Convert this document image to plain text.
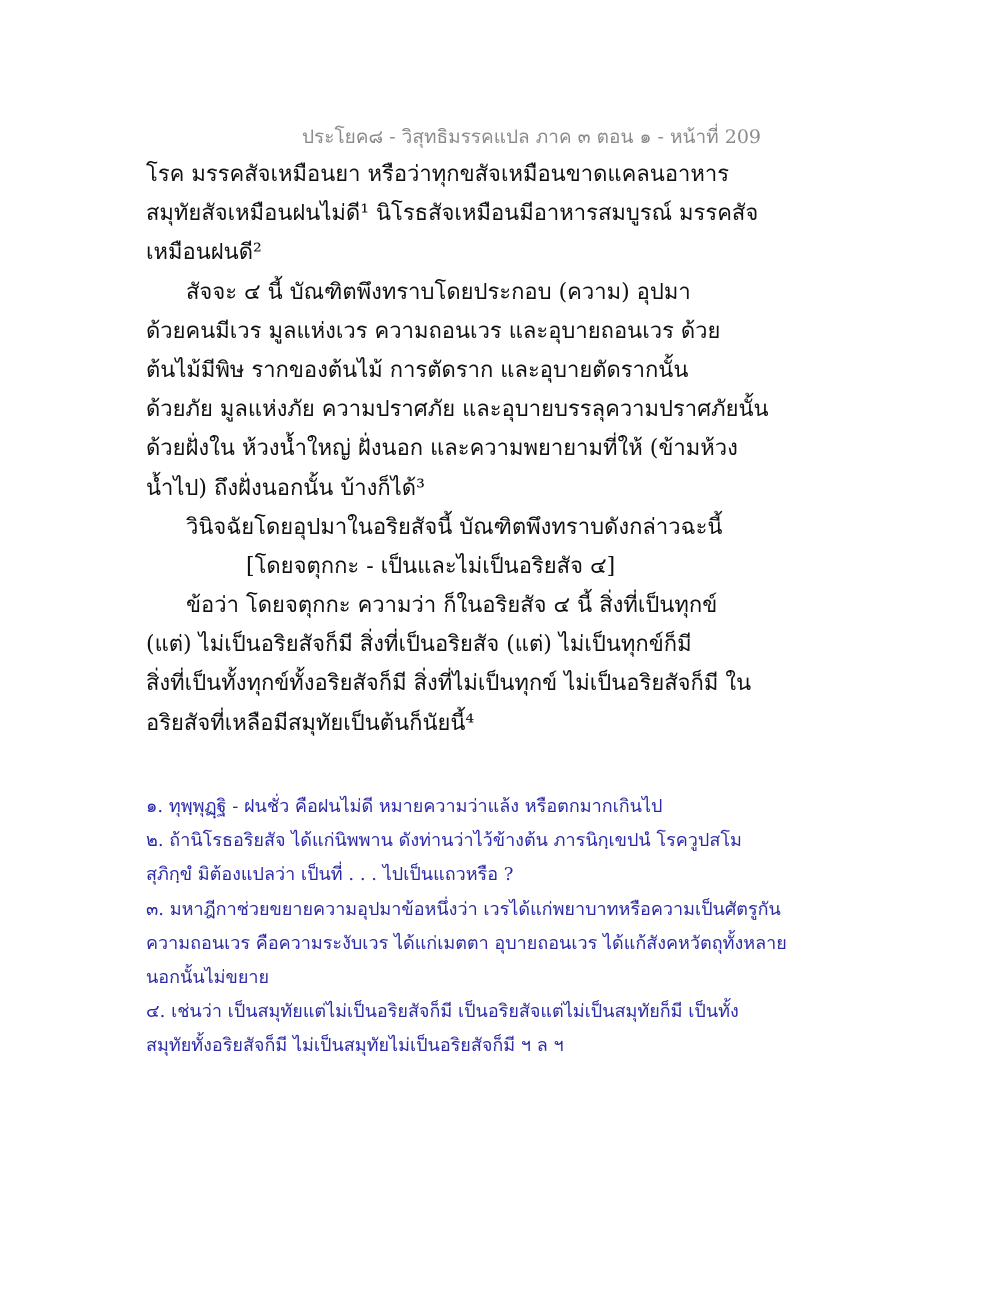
ประโยค๘ - วิสุทธิมรรคแปล ภาค ๓ ตอน ๑ - หน้าที่ 209
โรค มรรคสัจเหมือนยา หรือว่าทุกขสัจเหมือนขาดแคลนอาหาร
สมุทัยสัจเหมือนฝนไม่ดี¹ นิโรธสัจเหมือนมีอาหารสมบูรณ์ มรรคสัจ
เหมือนฝนดี²
สัจจะ ๔ นี้ บัณฑิตพึงทราบโดยประกอบ (ความ) อุปมา
ด้วยคนมีเวร มูลแห่งเวร ความถอนเวร และอุบายถอนเวร ด้วย
ต้นไม้มีพิษ รากของต้นไม้ การตัดราก และอุบายตัดรากนั้น
ด้วยภัย มูลแห่งภัย ความปราศภัย และอุบายบรรลุความปราศภัยนั้น
ด้วยฝั่งใน ห้วงน้ำใหญ่ ฝั่งนอก และความพยายามที่ให้ (ข้ามห้วง
น้ำไป) ถึงฝั่งนอกนั้น บ้างก็ได้³
วินิจฉัยโดยอุปมาในอริยสัจนี้ บัณฑิตพึงทราบดังกล่าวฉะนี้
[โดยจตุกกะ - เป็นและไม่เป็นอริยสัจ ๔]
ข้อว่า โดยจตุกกะ ความว่า ก็ในอริยสัจ ๔ นี้ สิ่งที่เป็นทุกข์
(แต่) ไม่เป็นอริยสัจก็มี สิ่งที่เป็นอริยสัจ (แต่) ไม่เป็นทุกข์ก็มี
สิ่งที่เป็นทั้งทุกข์ทั้งอริยสัจก็มี สิ่งที่ไม่เป็นทุกข์ ไม่เป็นอริยสัจก็มี ใน
อริยสัจที่เหลือมีสมุทัยเป็นต้นก็นัยนี้⁴
๑. ทุพฺพุฏฺฐิ - ฝนชั่ว คือฝนไม่ดี หมายความว่าแล้ง หรือตกมากเกินไป
๒. ถ้านิโรธอริยสัจ ได้แก่นิพพาน ดังท่านว่าไว้ข้างต้น ภารนิกฺเขปนํ โรควูปสโม
สุภิกฺขํ มิต้องแปลว่า เป็นที่ . . . ไปเป็นแถวหรือ ?
๓. มหาฎีกาช่วยขยายความอุปมาข้อหนึ่งว่า เวรได้แก่พยาบาทหรือความเป็นศัตรูกัน
ความถอนเวร คือความระงับเวร ได้แก่เมตตา อุบายถอนเวร ได้แก้สังคหวัตถุทั้งหลาย
นอกนั้นไม่ขยาย
๔. เช่นว่า เป็นสมุทัยแต่ไม่เป็นอริยสัจก็มี เป็นอริยสัจแต่ไม่เป็นสมุทัยก็มี เป็นทั้ง
สมุทัยทั้งอริยสัจก็มี ไม่เป็นสมุทัยไม่เป็นอริยสัจก็มี ฯ ล ฯ
